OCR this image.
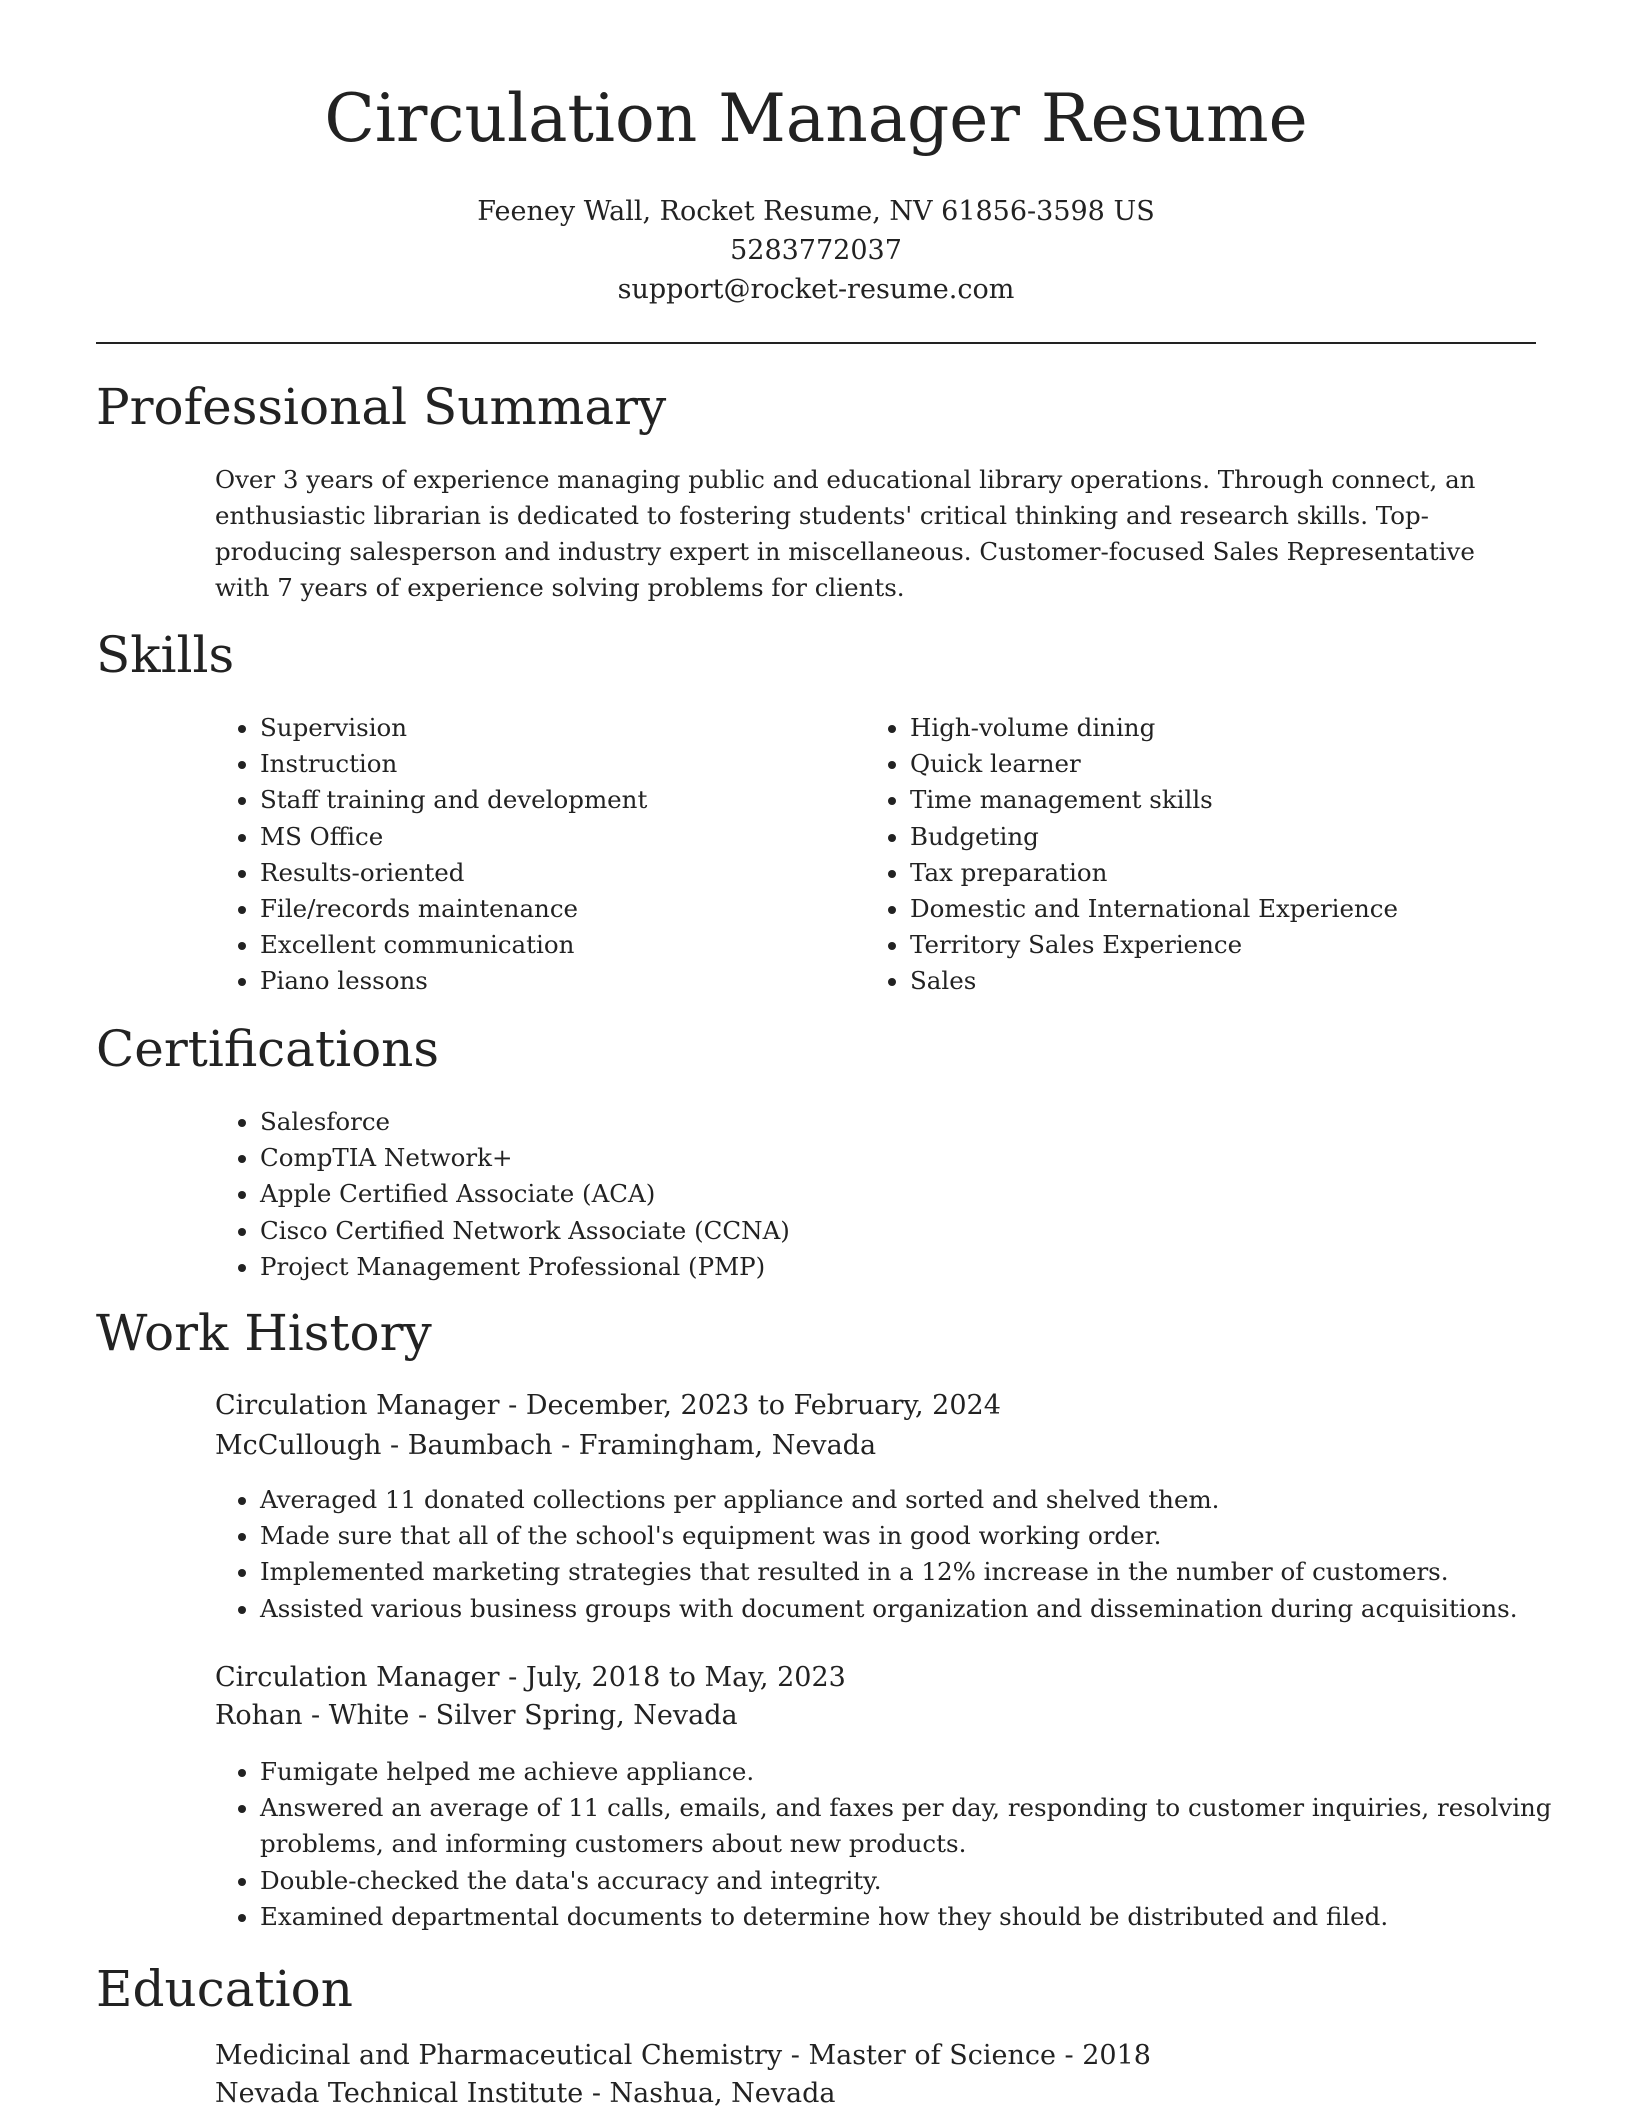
Circulation Manager Resume
Feeney Wall, Rocket Resume, NV 61856-3598 US
5283772037
support@rocket-resume.com
Professional Summary

Over 3 years of experience managing public and educational library operations. Through connect, an enthusiastic librarian is dedicated to fostering students' critical thinking and research skills. Top-producing salesperson and industry expert in miscellaneous. Customer-focused Sales Representative with 7 years of experience solving problems for clients.

Skills
• Supervision
• Instruction
• Staff training and development
• MS Office
• Results-oriented
• File/records maintenance
• Excellent communication
• Piano lessons
• High-volume dining
• Quick learner
• Time management skills
• Budgeting
• Tax preparation
• Domestic and International Experience
• Territory Sales Experience
• Sales
Certifications
• Salesforce
• CompTIA Network+
• Apple Certified Associate (ACA)
• Cisco Certified Network Associate (CCNA)
• Project Management Professional (PMP)
Work History
Circulation Manager - December, 2023 to February, 2024
McCullough - Baumbach - Framingham, Nevada
• Averaged 11 donated collections per appliance and sorted and shelved them.
• Made sure that all of the school's equipment was in good working order.
• Implemented marketing strategies that resulted in a 12% increase in the number of customers.
• Assisted various business groups with document organization and dissemination during acquisitions.
Circulation Manager - July, 2018 to May, 2023
Rohan - White - Silver Spring, Nevada
• Fumigate helped me achieve appliance.
• Answered an average of 11 calls, emails, and faxes per day, responding to customer inquiries, resolving problems, and informing customers about new products.
• Double-checked the data's accuracy and integrity.
• Examined departmental documents to determine how they should be distributed and filed.
Education
Medicinal and Pharmaceutical Chemistry - Master of Science - 2018
Nevada Technical Institute - Nashua, Nevada
